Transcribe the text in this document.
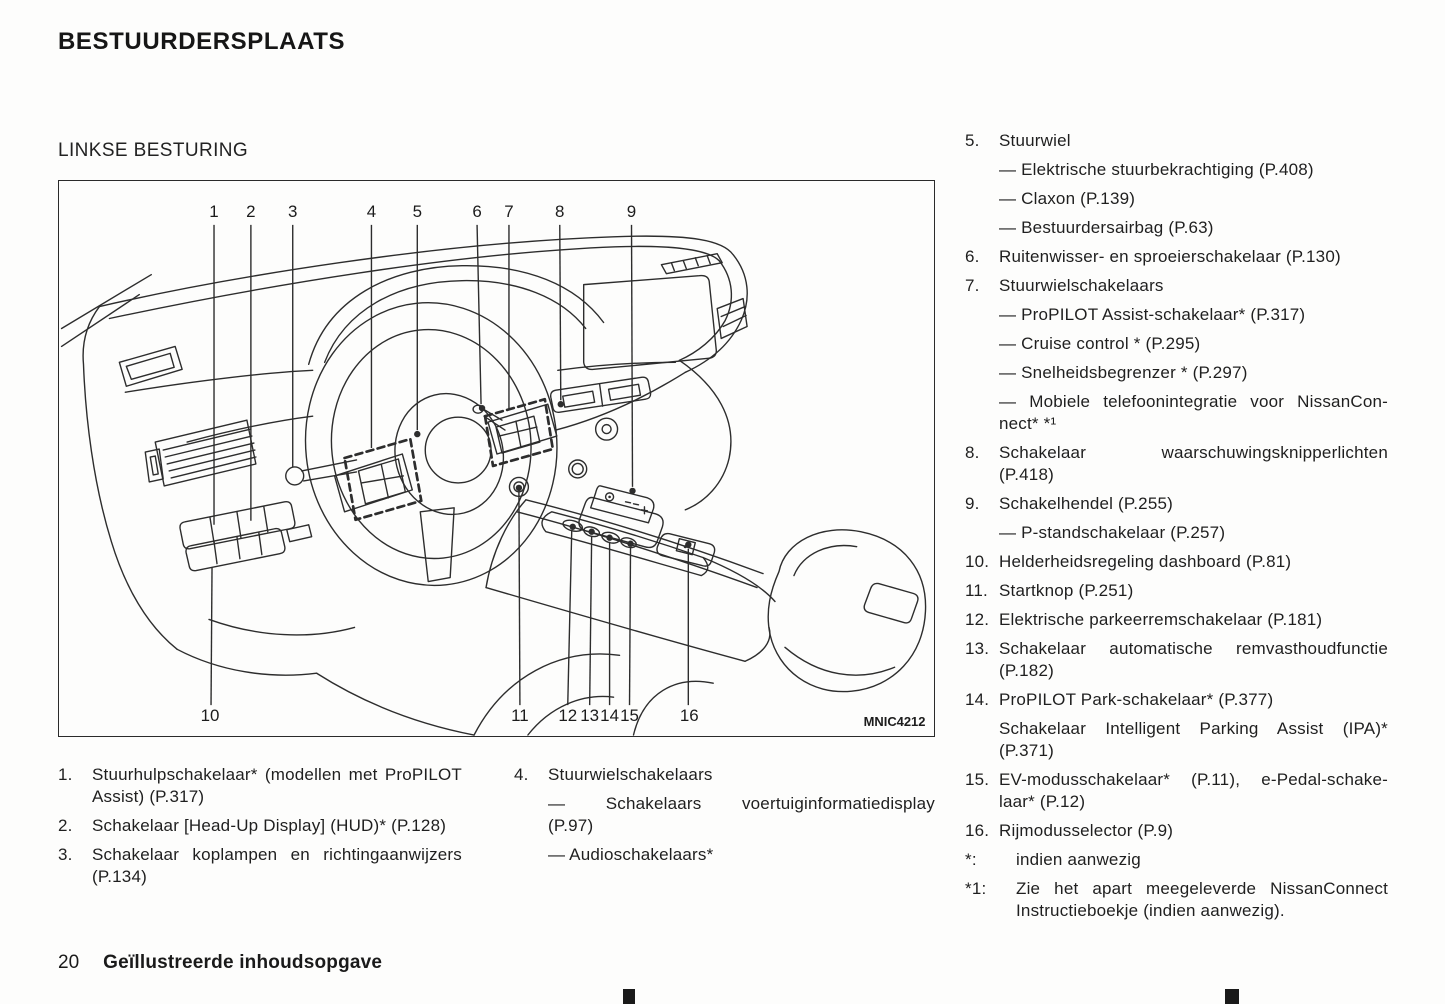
BESTUURDERSPLAATS
LINKSE BESTURING
1 2 3	4 5	6 7 8	9
10	11 12 13 14 15 16	MNIC4212
1.	Stuurhulpschakelaar* (modellen met ProPILOT
Assist) (P.317)
2.	Schakelaar [Head-Up Display] (HUD)* (P.128)
3.	Schakelaar koplampen en richtingaanwijzers
(P.134)
4.	Stuurwielschakelaars
— Schakelaars voertuiginformatiedisplay
(P.97)
— Audioschakelaars*
5.	Stuurwiel
— Elektrische stuurbekrachtiging (P.408)
— Claxon (P.139)
— Bestuurdersairbag (P.63)
6.	Ruitenwisser- en sproeierschakelaar (P.130)
7.	Stuurwielschakelaars
— ProPILOT Assist-schakelaar* (P.317)
— Cruise control * (P.295)
— Snelheidsbegrenzer * (P.297)
— Mobiele telefoonintegratie voor NissanCon-
nect* *¹
8.	Schakelaar waarschuwingsknipperlichten
(P.418)
9.	Schakelhendel (P.255)
— P-standschakelaar (P.257)
10. Helderheidsregeling dashboard (P.81)
11. Startknop (P.251)
12. Elektrische parkeerremschakelaar (P.181)
13. Schakelaar automatische remvasthoudfunctie
(P.182)
14. ProPILOT Park-schakelaar* (P.377)
Schakelaar Intelligent Parking Assist (IPA)*
(P.371)
15. EV-modusschakelaar* (P.11), e-Pedal-schake-
laar* (P.12)
16. Rijmodusselector (P.9)
*:	indien aanwezig
*1:	Zie het apart meegeleverde NissanConnect
Instructieboekje (indien aanwezig).
20 Geïllustreerde inhoudsopgave
